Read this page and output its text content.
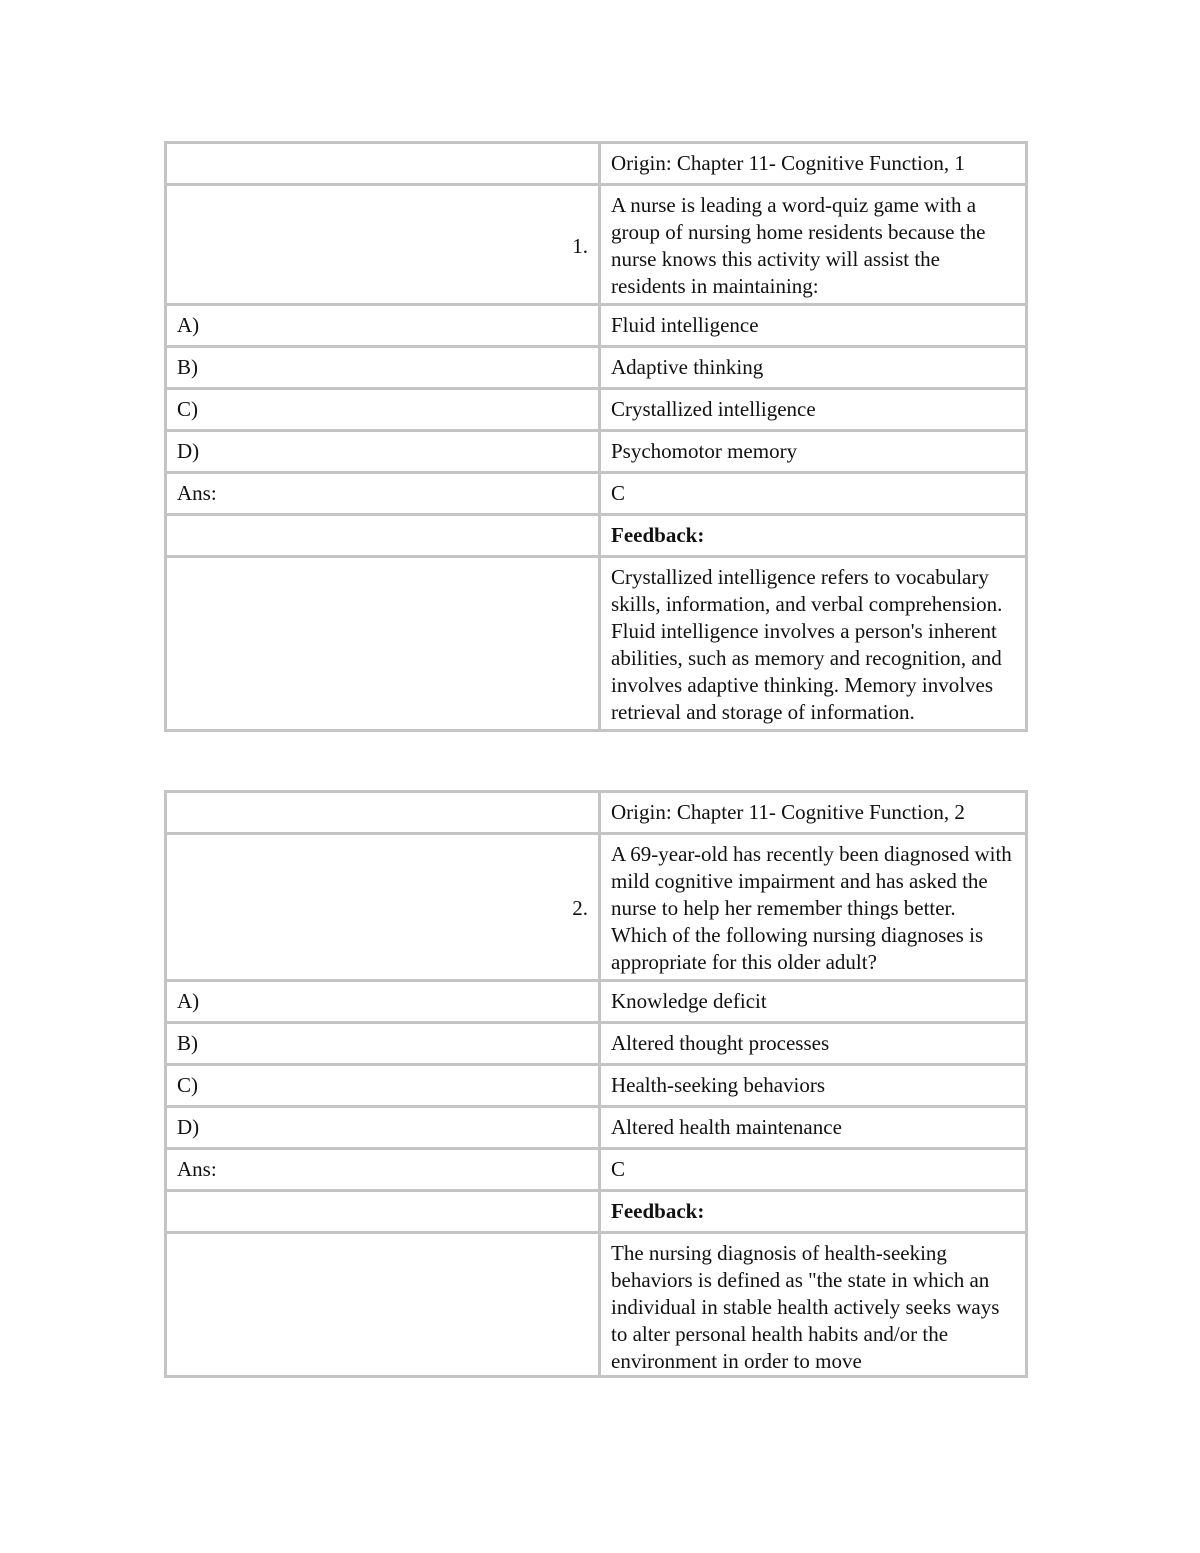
	Origin: Chapter 11- Cognitive Function, 1
1.	A nurse is leading a word-quiz game with a group of nursing home residents because the nurse knows this activity will assist the residents in maintaining:
A)	Fluid intelligence
B)	Adaptive thinking
C)	Crystallized intelligence
D)	Psychomotor memory
Ans:	C
	Feedback:
	Crystallized intelligence refers to vocabulary skills, information, and verbal comprehension. Fluid intelligence involves a person's inherent abilities, such as memory and recognition, and involves adaptive thinking. Memory involves retrieval and storage of information.
	Origin: Chapter 11- Cognitive Function, 2
2.	A 69-year-old has recently been diagnosed with mild cognitive impairment and has asked the nurse to help her remember things better. Which of the following nursing diagnoses is appropriate for this older adult?
A)	Knowledge deficit
B)	Altered thought processes
C)	Health-seeking behaviors
D)	Altered health maintenance
Ans:	C
	Feedback:

	The nursing diagnosis of health-seeking behaviors is defined as "the state in which an individual in stable health actively seeks ways to alter personal health habits and/or the environment in order to move
